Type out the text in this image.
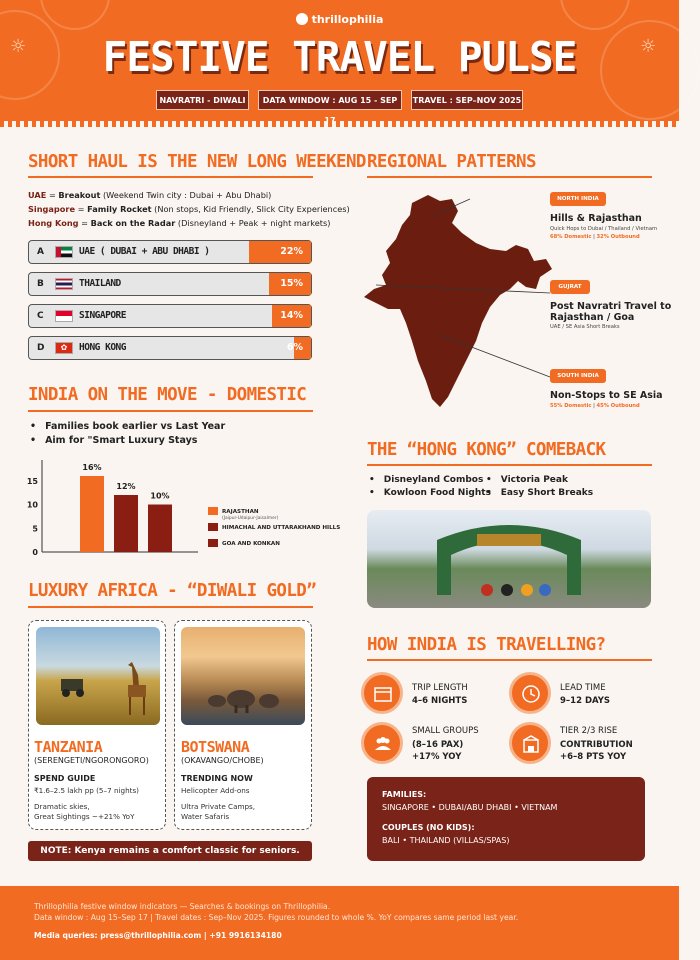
☼	☼
thrillophilia
FESTIVE TRAVEL PULSE
NAVRATRI - DIWALI	DATA WINDOW : AUG 15 - SEP	TRAVEL : SEP–NOV 2025
SHORT HAUL IS THE NEW LONG WEEKEND
UAE = Breakout (Weekend Twin city : Dubai + Abu Dhabi)
Singapore = Family Rocket (Non stops, Kid Friendly, Slick City Experiences)
Hong Kong = Back on the Radar (Disneyland + Peak + night markets)
A	UAE ( DUBAI + ABU DHABI )	22%
B	THAILAND	15%
C	SINGAPORE	14%
D	✿	HONG KONG	6%
INDIA ON THE MOVE - DOMESTIC
• Families book earlier vs Last Year
• Aim for "Smart Luxury Stays
0
5
10
15
16%
12%
10%
RAJASTHAN
(Jaipur-Udaipur-Jaisalmer)
HIMACHAL AND UTTARAKHAND HILLS
GOA AND KONKAN
LUXURY AFRICA - “DIWALI GOLD”
TANZANIA
(SERENGETI/NGORONGORO)
SPEND GUIDE
₹1.6–2.5 lakh pp (5–7 nights)
Dramatic skies,
Great Sightings ~+21% YoY
BOTSWANA
(OKAVANGO/CHOBE)
TRENDING NOW
Helicopter Add-ons
Ultra Private Camps,
Water Safaris
NOTE: Kenya remains a comfort classic for seniors.
REGIONAL PATTERNS
NORTH INDIA
Hills & Rajasthan
Quick Hops to Dubai / Thailand / Vietnam
68% Domestic | 32% Outbound
GUJRAT
Post Navratri Travel to
Rajasthan / Goa
UAE / SE Asia Short Breaks
SOUTH INDIA
Non-Stops to SE Asia
55% Domestic | 45% Outbound
THE “HONG KONG” COMEBACK
• Disneyland Combos
• Kowloon Food Nights
• Victoria Peak
• Easy Short Breaks
HOW INDIA IS TRAVELLING?
TRIP LENGTH
4–6 NIGHTS
LEAD TIME
9–12 DAYS
SMALL GROUPS
(8–16 PAX)
+17% YOY
TIER 2/3 RISE
CONTRIBUTION
+6–8 PTS YOY
FAMILIES:
SINGAPORE • DUBAI/ABU DHABI • VIETNAM
COUPLES (NO KIDS):
BALI • THAILAND (VILLAS/SPAS)
Thrillophilia festive window indicators — Searches & bookings on Thrillophilia.
Data window : Aug 15–Sep 17 | Travel dates : Sep–Nov 2025. Figures rounded to whole %. YoY compares same period last year.
Media queries: press@thrillophilia.com | +91 9916134180
